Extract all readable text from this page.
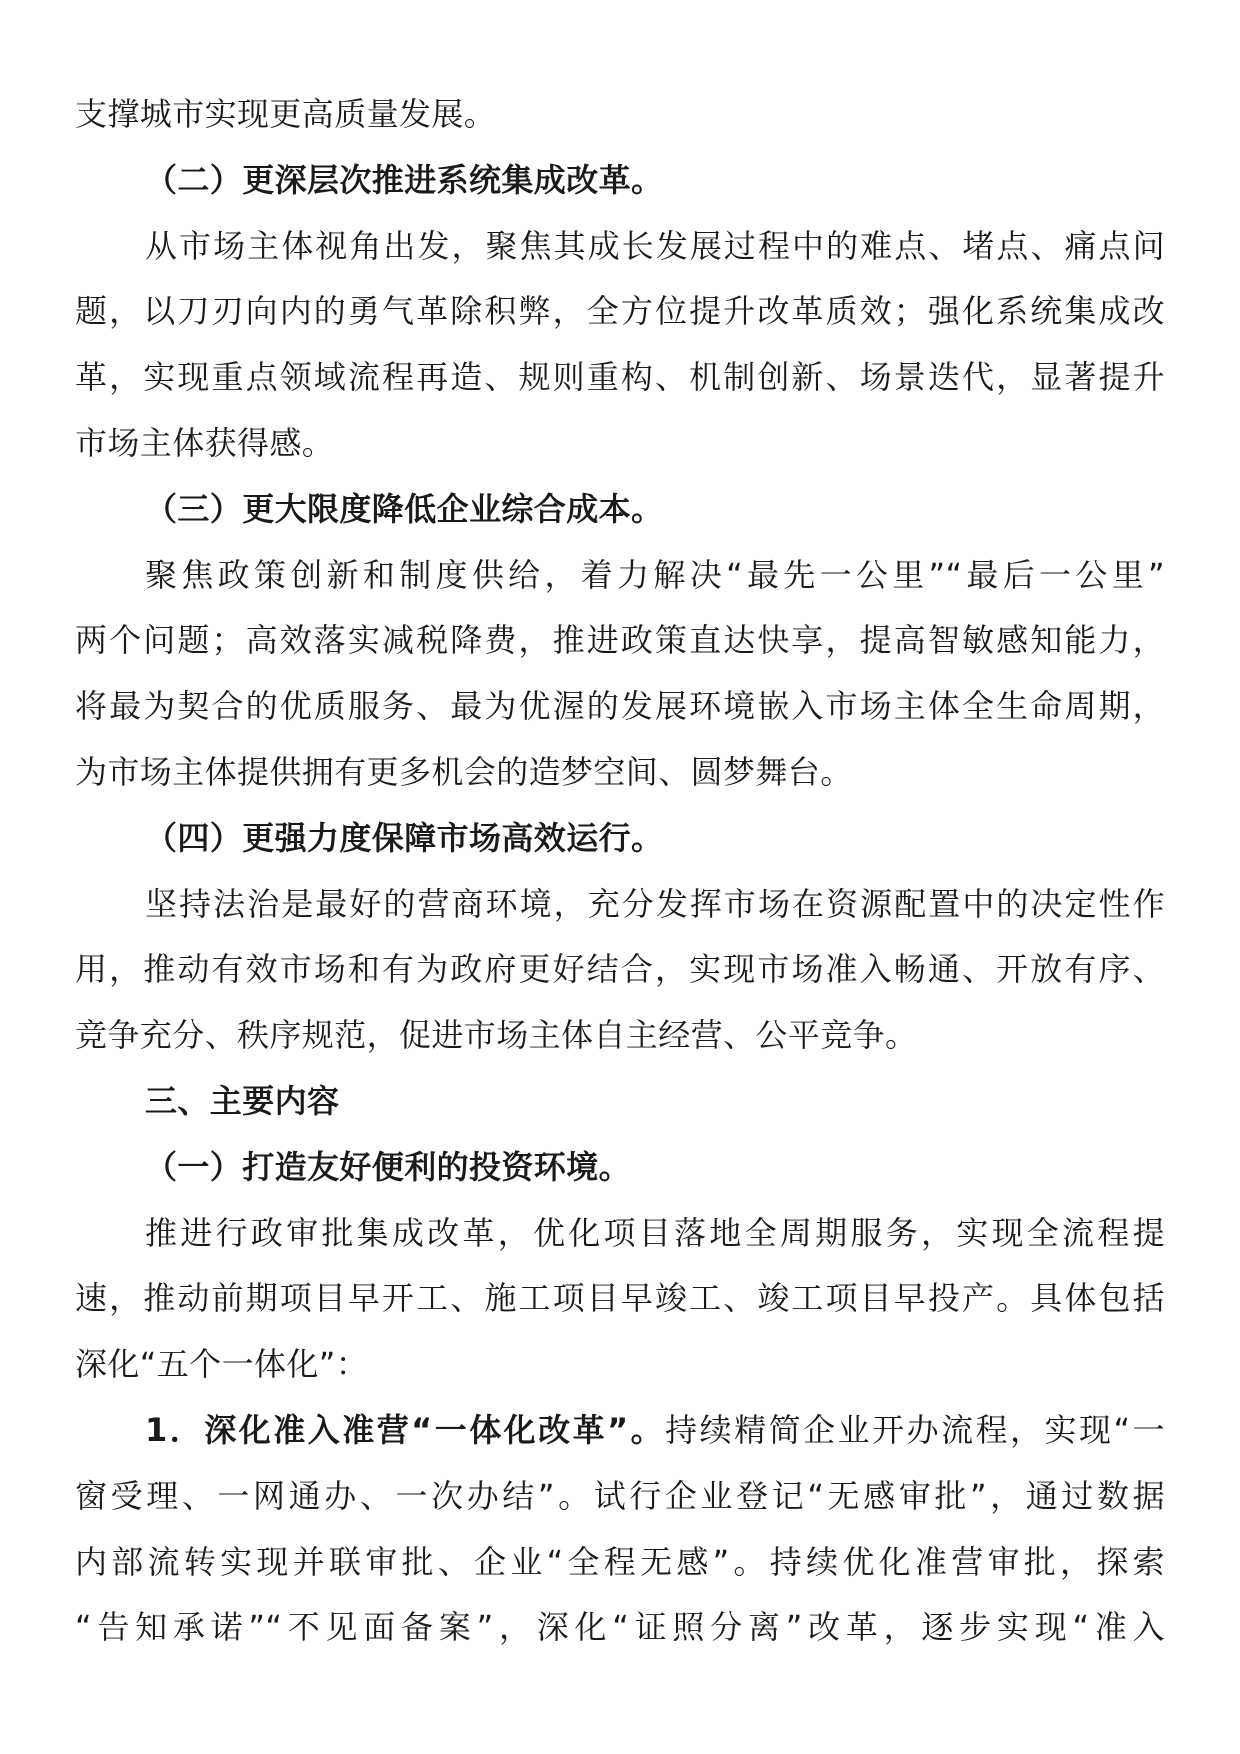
支撑城市实现更高质量发展。
（二）更深层次推进系统集成改革。
从市场主体视角出发，聚焦其成长发展过程中的难点、堵点、痛点问
题，以刀刃向内的勇气革除积弊，全方位提升改革质效；强化系统集成改
革，实现重点领域流程再造、规则重构、机制创新、场景迭代，显著提升
市场主体获得感。
（三）更大限度降低企业综合成本。
聚焦政策创新和制度供给，着力解决“最先一公里”“最后一公里”
两个问题；高效落实减税降费，推进政策直达快享，提高智敏感知能力，
将最为契合的优质服务、最为优渥的发展环境嵌入市场主体全生命周期，
为市场主体提供拥有更多机会的造梦空间、圆梦舞台。
（四）更强力度保障市场高效运行。
坚持法治是最好的营商环境，充分发挥市场在资源配置中的决定性作
用，推动有效市场和有为政府更好结合，实现市场准入畅通、开放有序、
竞争充分、秩序规范，促进市场主体自主经营、公平竞争。
三、主要内容
（一）打造友好便利的投资环境。
推进行政审批集成改革，优化项目落地全周期服务，实现全流程提
速，推动前期项目早开工、施工项目早竣工、竣工项目早投产。具体包括
深化“五个一体化”：
1．深化准入准营“一体化改革”。持续精简企业开办流程，实现“一
窗受理、一网通办、一次办结”。试行企业登记“无感审批”，通过数据
内部流转实现并联审批、企业“全程无感”。持续优化准营审批，探索
“告知承诺”“不见面备案”，深化“证照分离”改革，逐步实现“准入
